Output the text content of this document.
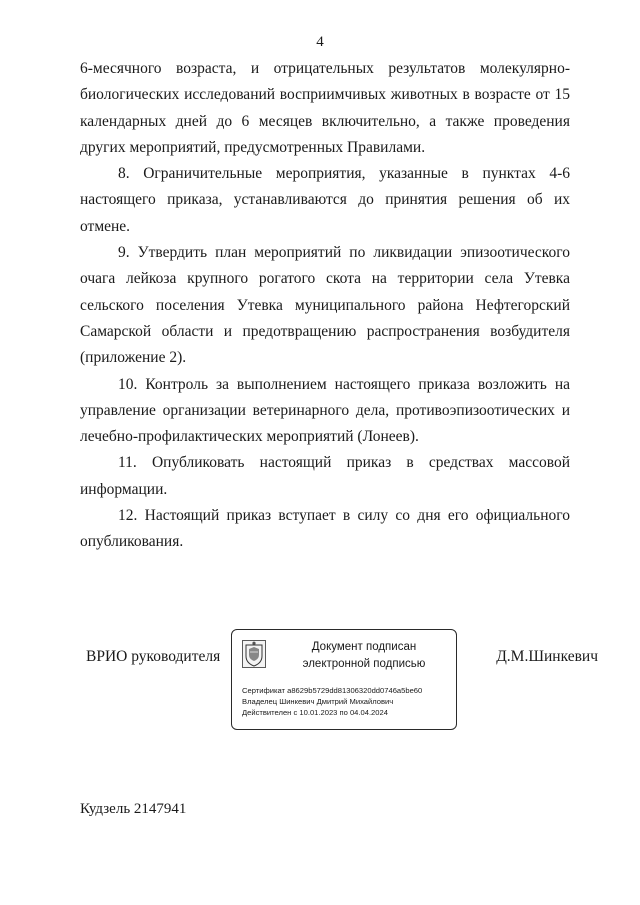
4

6-месячного возраста, и отрицательных результатов молекулярно-биологических исследований восприимчивых животных в возрасте от 15 календарных дней до 6 месяцев включительно, а также проведения других мероприятий, предусмотренных Правилами.

8. Ограничительные мероприятия, указанные в пунктах 4-6 настоящего приказа, устанавливаются до принятия решения об их отмене.

9. Утвердить план мероприятий по ликвидации эпизоотического очага лейкоза крупного рогатого скота на территории села Утевка сельского поселения Утевка муниципального района Нефтегорский Самарской области и предотвращению распространения возбудителя (приложение 2).

10. Контроль за выполнением настоящего приказа возложить на управление организации ветеринарного дела, противоэпизоотических и лечебно-профилактических мероприятий (Лонеев).

11. Опубликовать настоящий приказ в средствах массовой информации.

12. Настоящий приказ вступает в силу со дня его официального опубликования.

ВРИО руководителя
Документ подписан
электронной подписью
Сертификат a8629b5729dd81306320dd0746a5be60
Владелец Шинкевич Дмитрий Михайлович
Действителен с 10.01.2023 по 04.04.2024
Д.М.Шинкевич
Кудзель 2147941
